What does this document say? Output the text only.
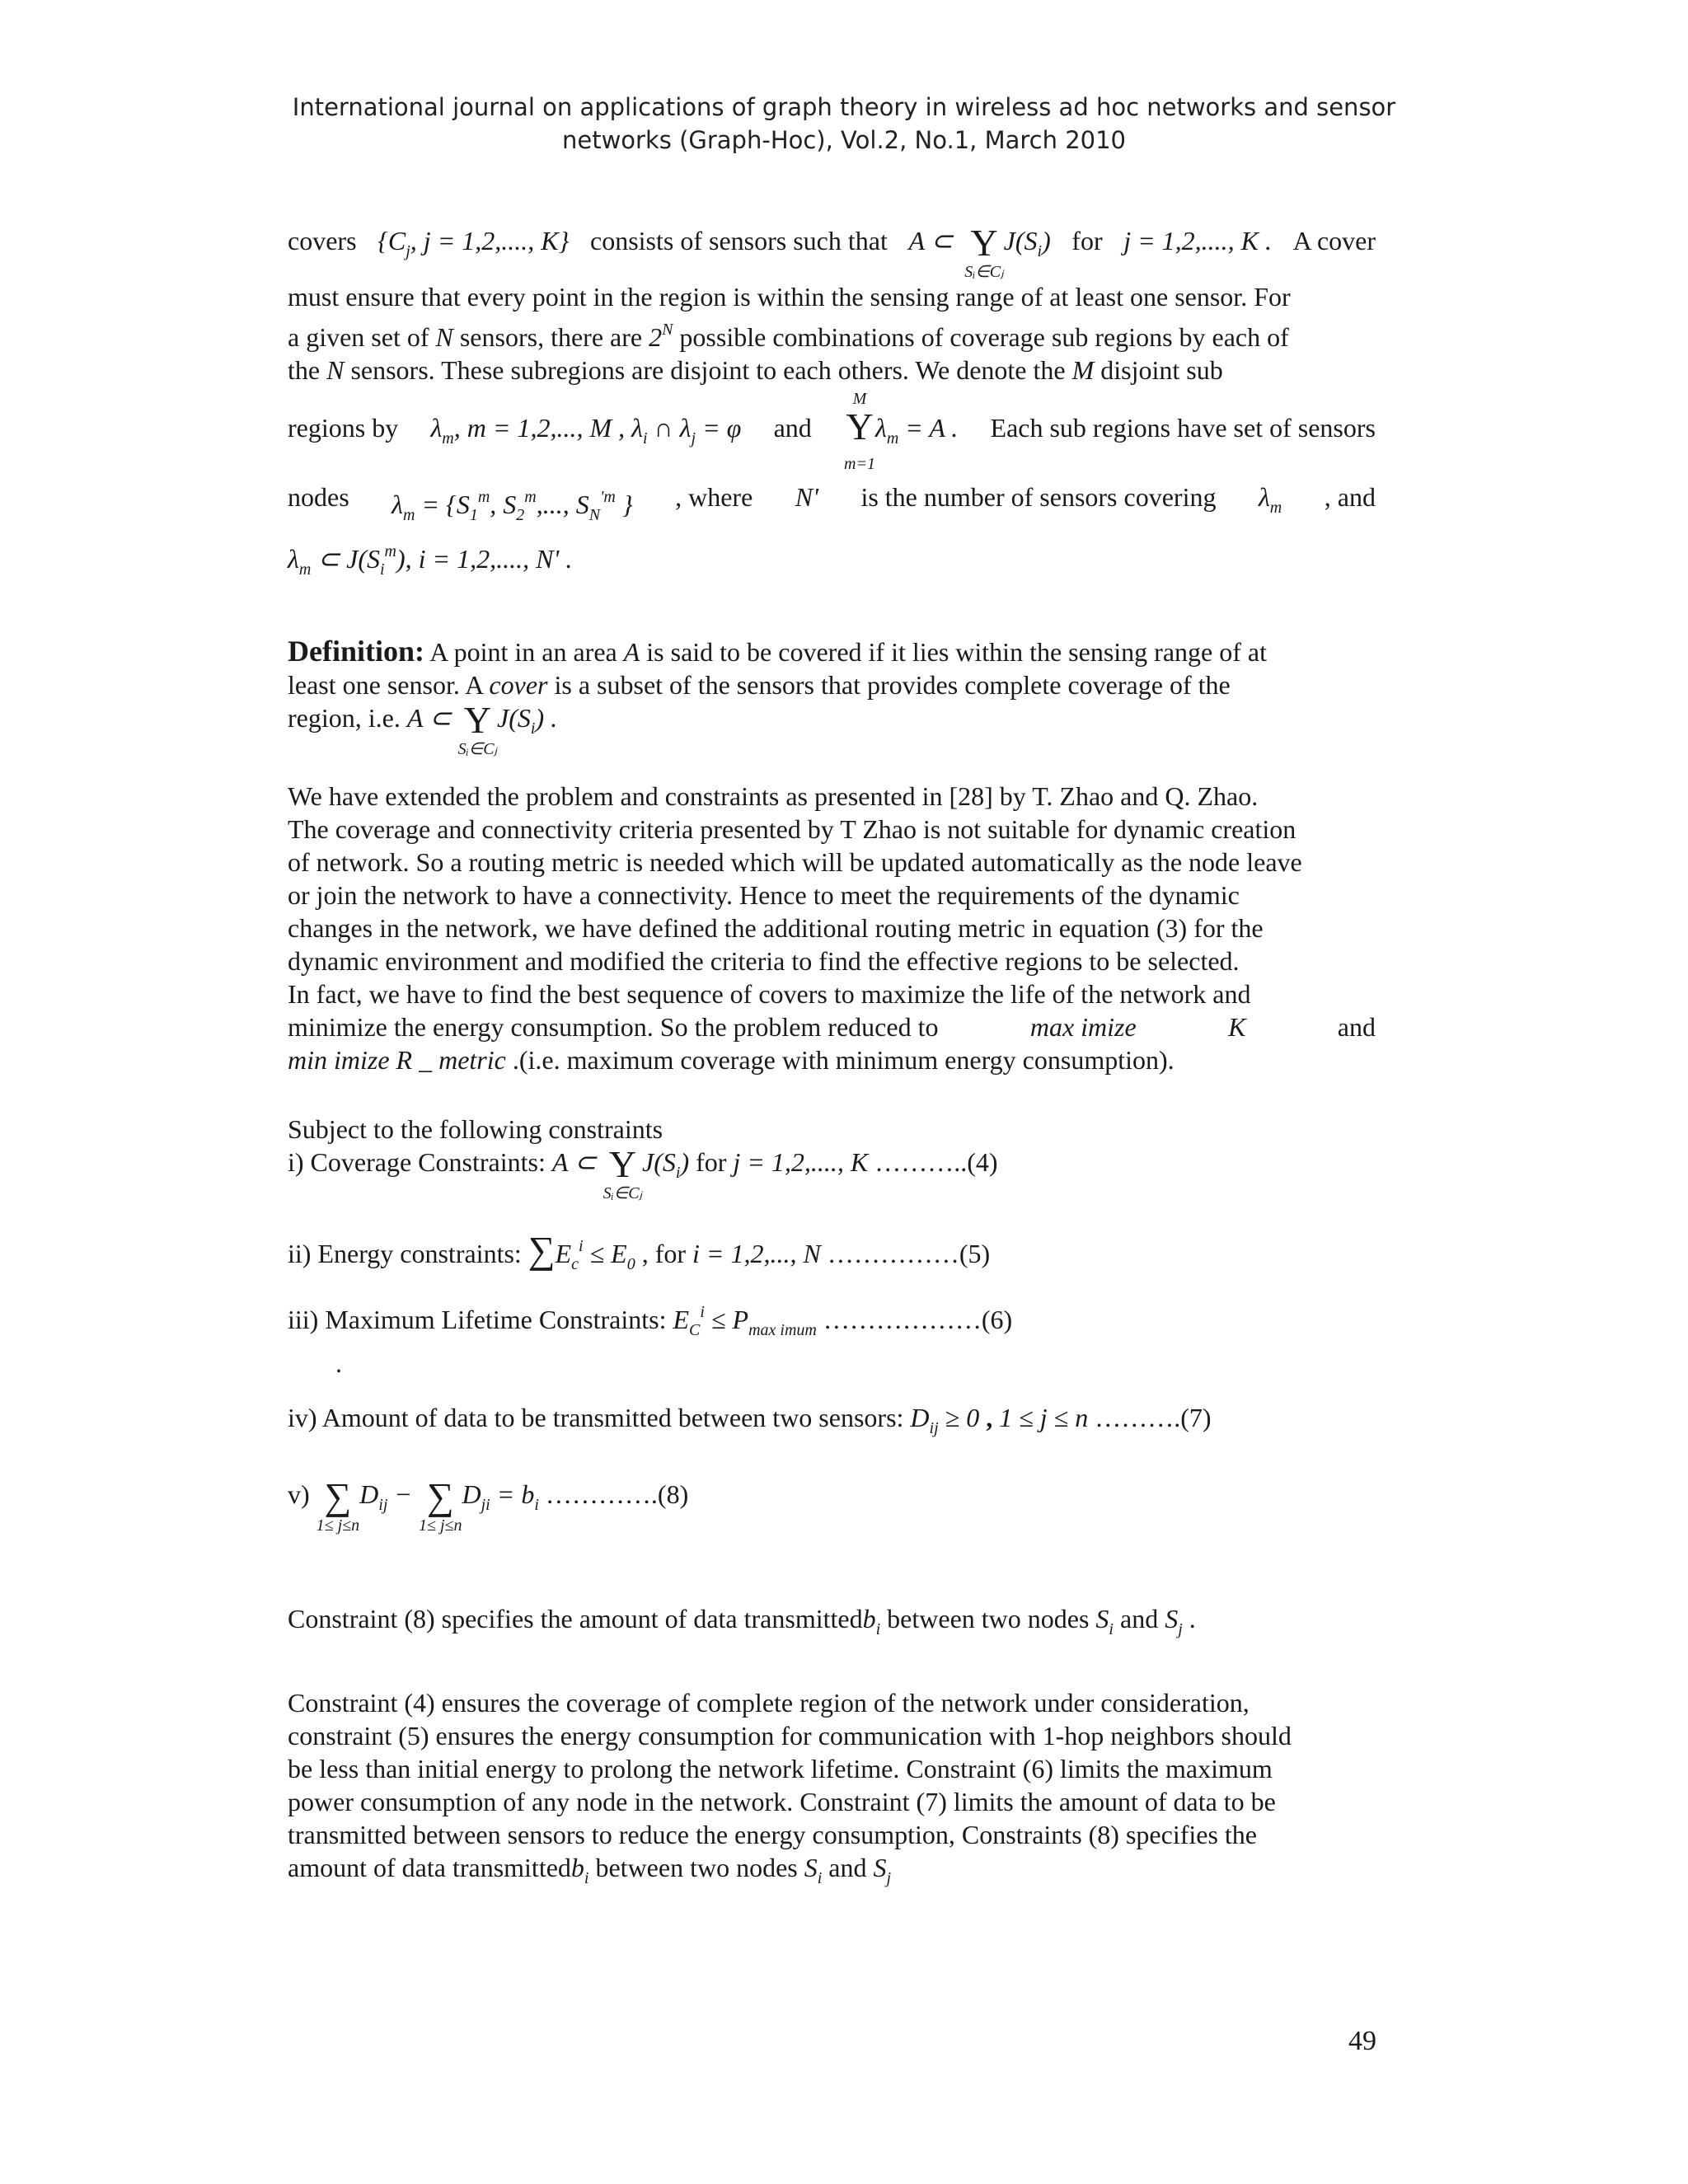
International journal on applications of graph theory in wireless ad hoc networks and sensor
networks (Graph-Hoc), Vol.2, No.1, March 2010
covers {$C_j$, j = 1,2,...., K} consists of sensors such that A ⊂ Y
Sᵢ∈Cⱼ
$J(S_i)$ for j = 1,2,...., K . A cover
must ensure that every point in the region is within the sensing range of at least one sensor. For
a given set of N sensors, there are $2^N$ possible combinations of coverage sub regions by each of
the N sensors. These subregions are disjoint to each others. We denote the M disjoint sub
regions by $\lambda_m$, m = 1,2,..., M , $\lambda_i$ ∩ $\lambda_j = \varphi$ and
M
Y
m=1
$\lambda_m = A$ . Each sub regions have set of sensors
nodes $\lambda_m = \{S_1^m$, $S_2^m$,..., $S_N^{'m}$ } , where N' is the number of sensors covering $\lambda_m$ , and
$\lambda_m$ ⊂ $J(S_i^m)$, i = 1,2,...., N' .
Definition: A point in an area A is said to be covered if it lies within the sensing range of at
least one sensor. A cover is a subset of the sensors that provides complete coverage of the
region, i.e. A ⊂ Y
Sᵢ∈Cⱼ
$J(S_i)$ .
We have extended the problem and constraints as presented in [28] by T. Zhao and Q. Zhao.
The coverage and connectivity criteria presented by T Zhao is not suitable for dynamic creation
of network. So a routing metric is needed which will be updated automatically as the node leave
or join the network to have a connectivity. Hence to meet the requirements of the dynamic
changes in the network, we have defined the additional routing metric in equation (3) for the
dynamic environment and modified the criteria to find the effective regions to be selected.
In fact, we have to find the best sequence of covers to maximize the life of the network and
minimize the energy consumption. So the problem reduced to	max imize	K	and
min imize R _ metric .(i.e. maximum coverage with minimum energy consumption).
Subject to the following constraints
i) Coverage Constraints: A ⊂ Y
Sᵢ∈Cⱼ
$J(S_i)$ for j = 1,2,...., K ………..(4)
ii) Energy constraints: $\sum E_c^i \le E_0$ , for i = 1,2,..., N ……………(5)
iii) Maximum Lifetime Constraints: $E_C^i \le P_{max imum}$ ………………(6)
.
iv) Amount of data to be transmitted between two sensors: $D_{ij} \ge 0$ , 1 ≤ j ≤ n ……….(7)
v) ∑
1≤ j≤n
$D_{ij}$ − ∑
1≤ j≤n
$D_{ji} = b_i$ ………….(8)
Constraint (8) specifies the amount of data transmittedb$_i$ between two nodes $S_i$ and $S_j$ .
Constraint (4) ensures the coverage of complete region of the network under consideration,
constraint (5) ensures the energy consumption for communication with 1-hop neighbors should
be less than initial energy to prolong the network lifetime. Constraint (6) limits the maximum
power consumption of any node in the network. Constraint (7) limits the amount of data to be
transmitted between sensors to reduce the energy consumption, Constraints (8) specifies the
amount of data transmittedb$_i$ between two nodes $S_i$ and $S_j$
49
